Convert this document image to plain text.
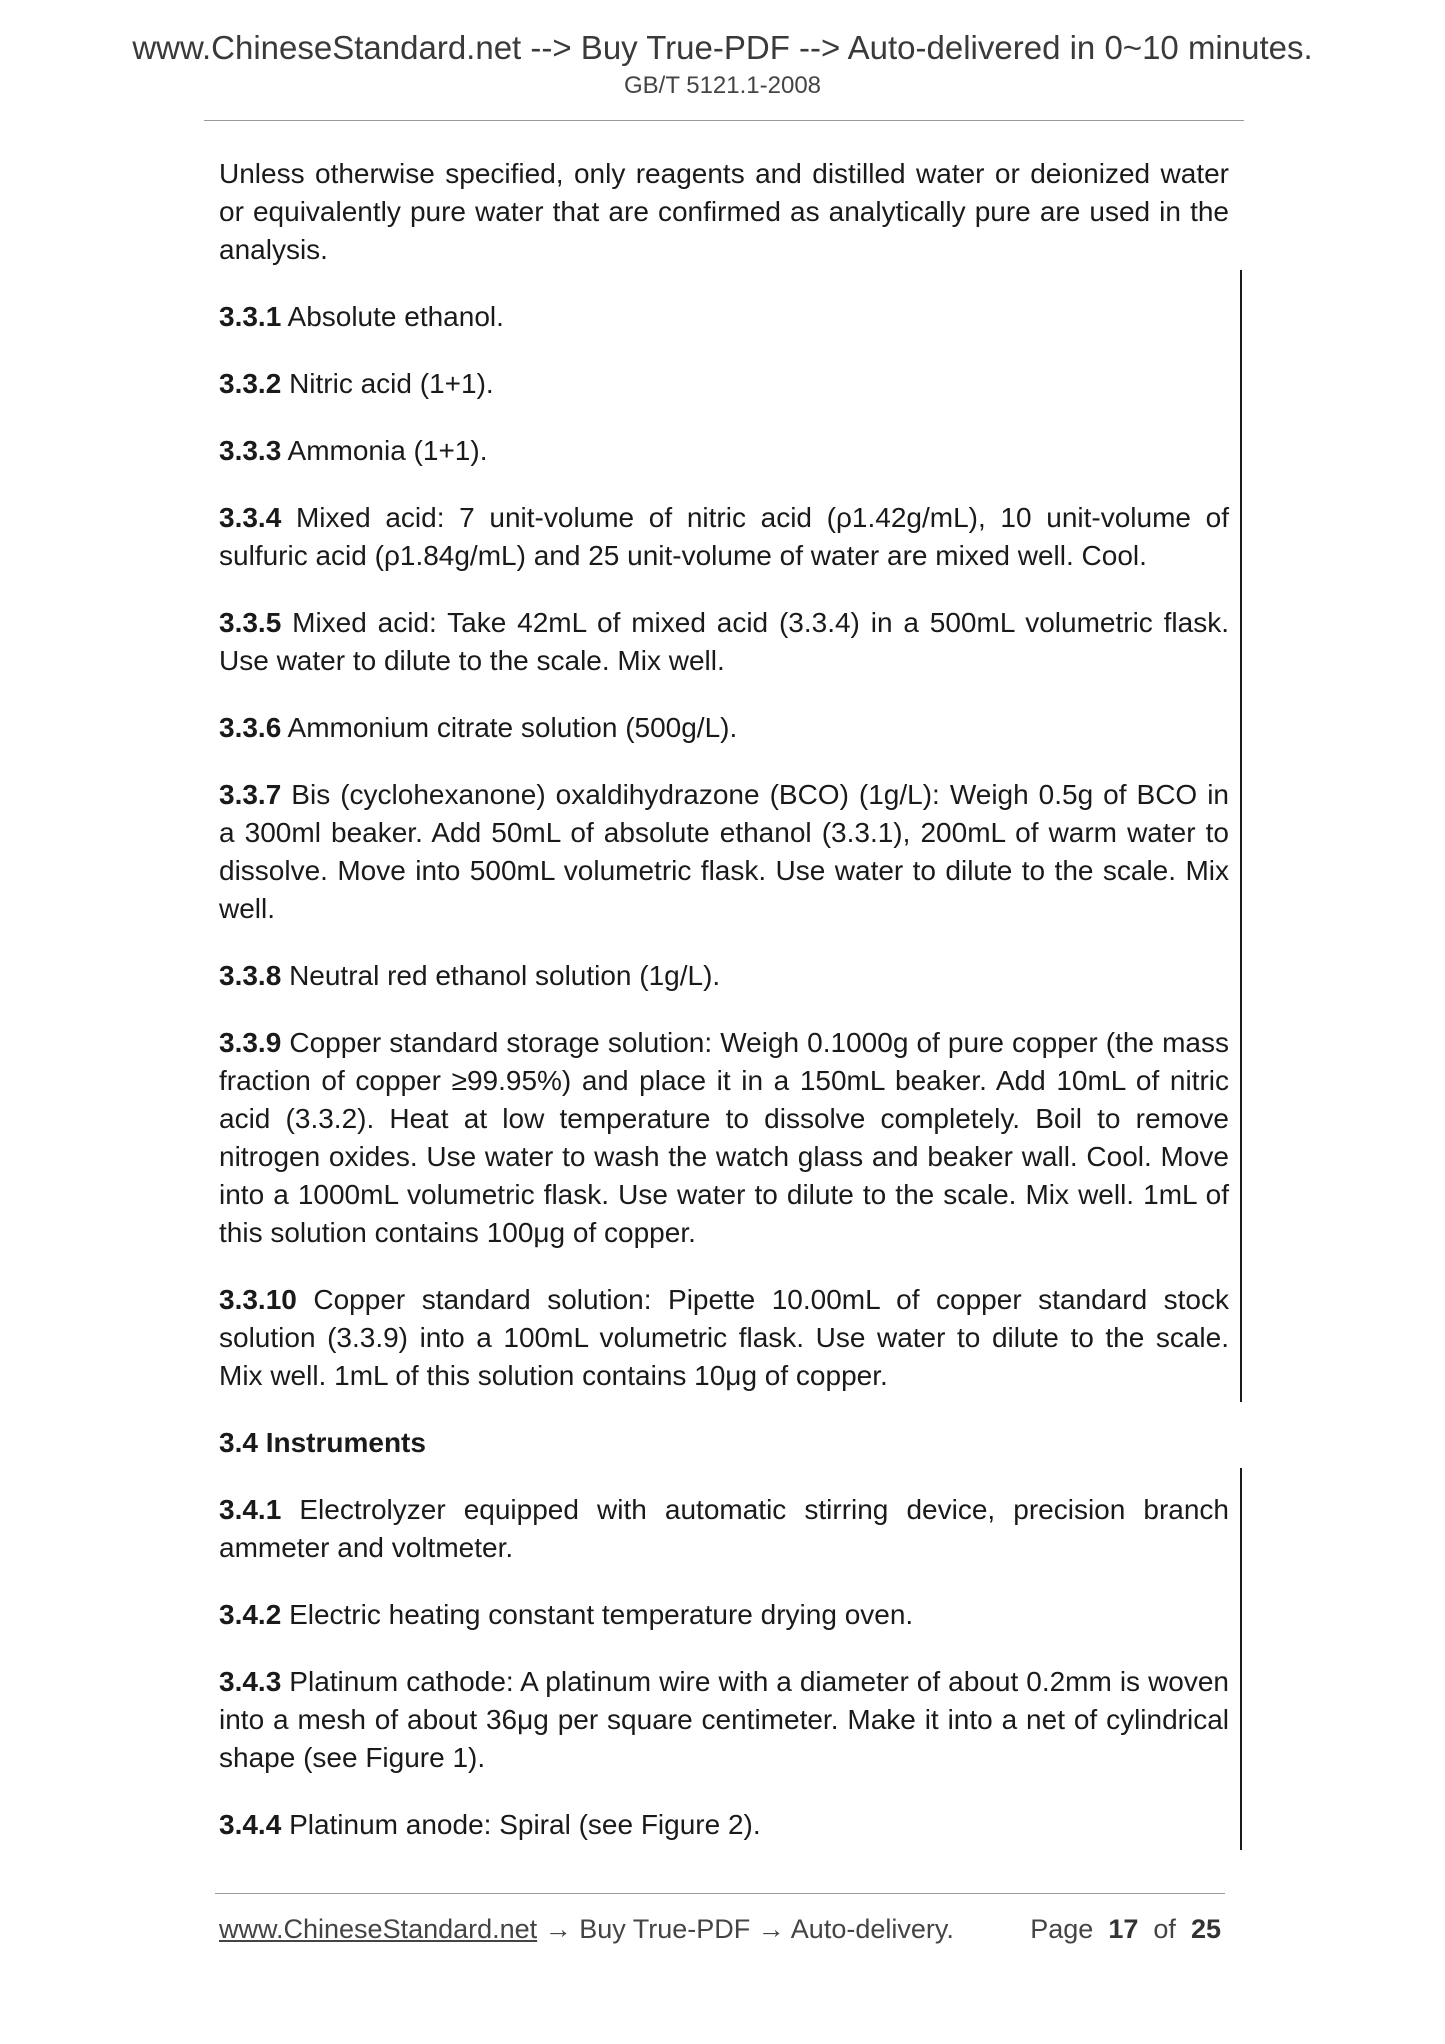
www.ChineseStandard.net --> Buy True-PDF --> Auto-delivered in 0~10 minutes.
GB/T 5121.1-2008

Unless otherwise specified, only reagents and distilled water or deionized water or equivalently pure water that are confirmed as analytically pure are used in the analysis.

3.3.1 Absolute ethanol.

3.3.2 Nitric acid (1+1).

3.3.3 Ammonia (1+1).

3.3.4 Mixed acid: 7 unit-volume of nitric acid (ρ1.42g/mL), 10 unit-volume of sulfuric acid (ρ1.84g/mL) and 25 unit-volume of water are mixed well. Cool.

3.3.5 Mixed acid: Take 42mL of mixed acid (3.3.4) in a 500mL volumetric flask. Use water to dilute to the scale. Mix well.

3.3.6 Ammonium citrate solution (500g/L).

3.3.7 Bis (cyclohexanone) oxaldihydrazone (BCO) (1g/L): Weigh 0.5g of BCO in a 300ml beaker. Add 50mL of absolute ethanol (3.3.1), 200mL of warm water to dissolve. Move into 500mL volumetric flask. Use water to dilute to the scale. Mix well.

3.3.8 Neutral red ethanol solution (1g/L).

3.3.9 Copper standard storage solution: Weigh 0.1000g of pure copper (the mass fraction of copper ≥99.95%) and place it in a 150mL beaker. Add 10mL of nitric acid (3.3.2). Heat at low temperature to dissolve completely. Boil to remove nitrogen oxides. Use water to wash the watch glass and beaker wall. Cool. Move into a 1000mL volumetric flask. Use water to dilute to the scale. Mix well. 1mL of this solution contains 100μg of copper.

3.3.10 Copper standard solution: Pipette 10.00mL of copper standard stock solution (3.3.9) into a 100mL volumetric flask. Use water to dilute to the scale. Mix well. 1mL of this solution contains 10μg of copper.

3.4 Instruments

3.4.1 Electrolyzer equipped with automatic stirring device, precision branch ammeter and voltmeter.

3.4.2 Electric heating constant temperature drying oven.

3.4.3 Platinum cathode: A platinum wire with a diameter of about 0.2mm is woven into a mesh of about 36μg per square centimeter. Make it into a net of cylindrical shape (see Figure 1).

3.4.4 Platinum anode: Spiral (see Figure 2).

www.ChineseStandard.net → Buy True-PDF → Auto-delivery.	Page 17 of 25
